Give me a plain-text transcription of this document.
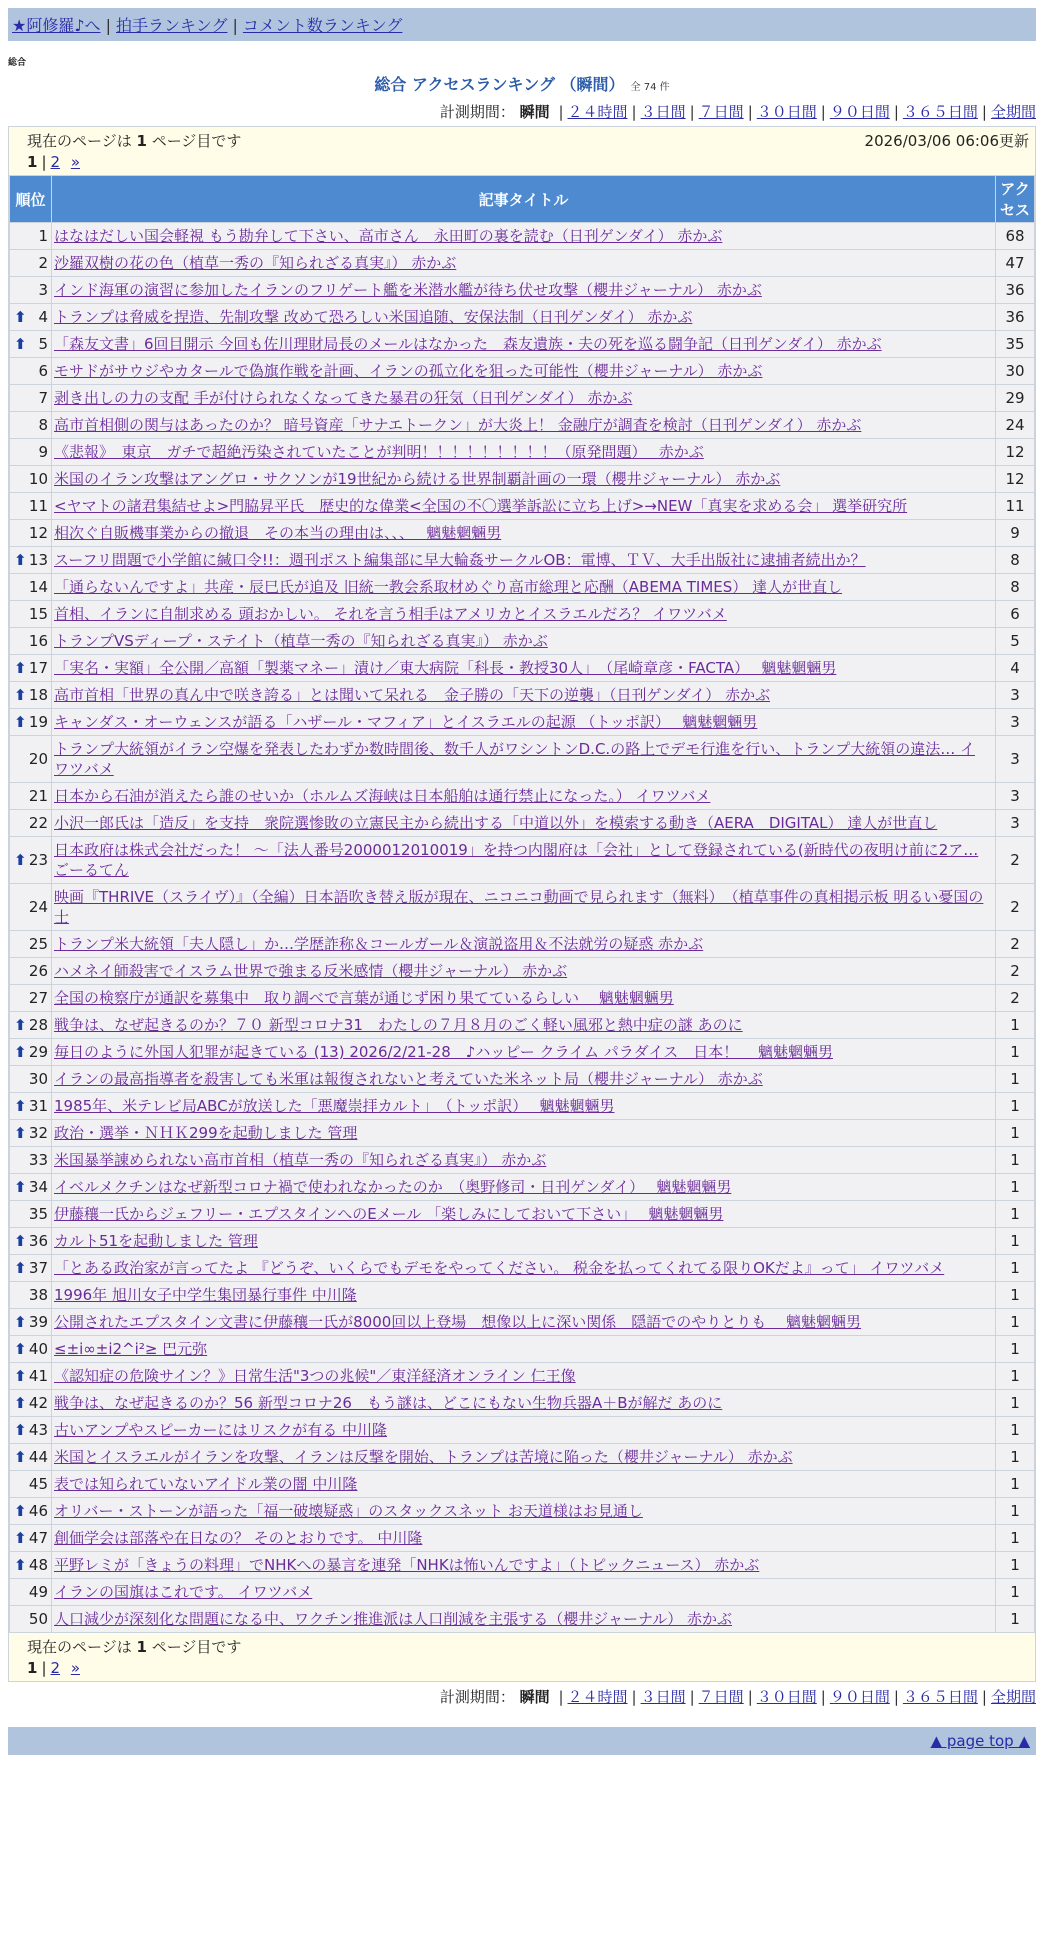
★阿修羅♪へ | 拍手ランキング | コメント数ランキング
総合
総合 アクセスランキング （瞬間） 全 74 件
計測期間： 瞬間 | ２４時間 | ３日間 | ７日間 | ３０日間 | ９０日間 | ３６５日間 | 全期間
現在のページは 1 ページ目です	2026/03/06 06:06更新
1 | 2 »
順位	記事タイトル	アクセス
1	はなはだしい国会軽視 もう勘弁して下さい、高市さん　永田町の裏を読む（日刊ゲンダイ） 赤かぶ	68
2	沙羅双樹の花の色（植草一秀の『知られざる真実』） 赤かぶ	47
3	インド海軍の演習に参加したイランのフリゲート艦を米潜水艦が待ち伏せ攻撃（櫻井ジャーナル） 赤かぶ	36

⬆ 4	トランプは脅威を捏造、先制攻撃 改めて恐ろしい米国追随、安保法制（日刊ゲンダイ） 赤かぶ	36

⬆ 5	「森友文書」6回目開示 今回も佐川理財局長のメールはなかった　森友遺族・夫の死を巡る闘争記（日刊ゲンダイ） 赤かぶ	35
6	モサドがサウジやカタールで偽旗作戦を計画、イランの孤立化を狙った可能性（櫻井ジャーナル） 赤かぶ	30
7	剥き出しの力の支配 手が付けられなくなってきた暴君の狂気（日刊ゲンダイ） 赤かぶ	29
8	高市首相側の関与はあったのか？ 暗号資産「サナエトークン」が大炎上！ 金融庁が調査を検討（日刊ゲンダイ） 赤かぶ	24
9	《悲報》　東京　ガチで超絶汚染されていたことが判明！！！！！！！！！（原発問題）　 赤かぶ	12
10	米国のイラン攻撃はアングロ・サクソンが19世紀から続ける世界制覇計画の一環（櫻井ジャーナル） 赤かぶ	12
11	<ヤマトの諸君集結せよ>門脇昇平氏　歴史的な偉業<全国の不〇選挙訴訟に立ち上げ>→NEW「真実を求める会」 選挙研究所	11
12	相次ぐ自販機事業からの撤退　その本当の理由は、、、　 魑魅魍魎男	9

⬆ 13	スーフリ問題で小学館に緘口令!!：週刊ポスト編集部に早大輪姦サークルOB：電博、ＴＶ、大手出版社に逮捕者続出か？	8
14	「通らないんですよ」共産・辰巳氏が追及 旧統一教会系取材めぐり高市総理と応酬（ABEMA TIMES） 達人が世直し	8
15	首相、イランに自制求める 頭おかしい。 それを言う相手はアメリカとイスラエルだろ？ イワツバメ	6
16	トランプVSディープ・ステイト（植草一秀の『知られざる真実』） 赤かぶ	5

⬆ 17	「実名・実額」全公開／高額「製薬マネー」漬け／東大病院「科長・教授30人」　（尾崎章彦・FACTA）　 魑魅魍魎男	4

⬆ 18	高市首相「世界の真ん中で咲き誇る」とは聞いて呆れる　金子勝の「天下の逆襲」（日刊ゲンダイ） 赤かぶ	3

⬆ 19	キャンダス・オーウェンスが語る「ハザール・マフィア」とイスラエルの起源 （トッポ訳）　 魑魅魍魎男	3
20	トランプ大統領がイラン空爆を発表したわずか数時間後、数千人がワシントンD.C.の路上でデモ行進を行い、トランプ大統領の違法… イワツバメ	3
21	日本から石油が消えたら誰のせいか（ホルムズ海峡は日本船舶は通行禁止になった。） イワツバメ	3
22	小沢一郎氏は「造反」を支持　衆院選惨敗の立憲民主から続出する「中道以外」を模索する動き（AERA　DIGITAL） 達人が世直し	3

⬆ 23	日本政府は株式会社だった！ ～「法人番号2000012010019」を持つ内閣府は「会社」として登録されている(新時代の夜明け前に2ア… ごーるてん	2
24	映画『THRIVE（スライヴ）』（全編）日本語吹き替え版が現在、ニコニコ動画で見られます（無料）　（植草事件の真相掲示板 明るい憂国の士	2
25	トランプ米大統領「夫人隠し」か…学歴詐称＆コールガール＆演説盗用＆不法就労の疑惑 赤かぶ	2
26	ハメネイ師殺害でイスラム世界で強まる反米感情（櫻井ジャーナル） 赤かぶ	2
27	全国の検察庁が通訳を募集中　取り調べで言葉が通じず困り果てているらしい　 魑魅魍魎男	2

⬆ 28	戦争は、なぜ起きるのか？７０ 新型コロナ31　わたしの７月８月のごく軽い風邪と熱中症の謎 あのに	1

⬆ 29	毎日のように外国人犯罪が起きている (13) 2026/2/21-28　♪ハッピー クライム パラダイス　日本！　 魑魅魍魎男	1
30	イランの最高指導者を殺害しても米軍は報復されないと考えていた米ネット局（櫻井ジャーナル） 赤かぶ	1

⬆ 31	1985年、米テレビ局ABCが放送した「悪魔崇拝カルト」　（トッポ訳）　 魑魅魍魎男	1

⬆ 32	政治・選挙・ＮＨＫ299を起動しました 管理	1
33	米国暴挙諌められない高市首相（植草一秀の『知られざる真実』） 赤かぶ	1

⬆ 34	イベルメクチンはなぜ新型コロナ禍で使われなかったのか　（奥野修司・日刊ゲンダイ）　 魑魅魍魎男	1
35	伊藤穰一氏からジェフリー・エプスタインへのEメール 「楽しみにしておいて下さい」　 魑魅魍魎男	1

⬆ 36	カルト51を起動しました 管理	1

⬆ 37	「とある政治家が言ってたよ 『どうぞ、いくらでもデモをやってください。 税金を払ってくれてる限りOKだよ』って」 イワツバメ	1
38	1996年 旭川女子中学生集団暴行事件 中川隆	1

⬆ 39	公開されたエプスタイン文書に伊藤穰一氏が8000回以上登場　想像以上に深い関係　隠語でのやりとりも　 魑魅魍魎男	1

⬆ 40	≤±i∞±i2^i²≥ 巴元弥	1

⬆ 41	《認知症の危険サイン？》日常生活"3つの兆候"／東洋経済オンライン 仁王像	1

⬆ 42	戦争は、なぜ起きるのか？56 新型コロナ26　もう謎は、どこにもない生物兵器A＋Bが解だ あのに	1

⬆ 43	古いアンプやスピーカーにはリスクが有る 中川隆	1

⬆ 44	米国とイスラエルがイランを攻撃、イランは反撃を開始、トランプは苦境に陥った（櫻井ジャーナル） 赤かぶ	1
45	表では知られていないアイドル業の闇 中川隆	1

⬆ 46	オリバー・ストーンが語った「福一破壊疑惑」のスタックスネット お天道様はお見通し	1

⬆ 47	創価学会は部落や在日なの？ そのとおりです。 中川隆	1

⬆ 48	平野レミが「きょうの料理」でNHKへの暴言を連発「NHKは怖いんですよ」（トピックニュース） 赤かぶ	1
49	イランの国旗はこれです。 イワツバメ	1
50	人口減少が深刻化な問題になる中、ワクチン推進派は人口削減を主張する（櫻井ジャーナル） 赤かぶ	1
現在のページは 1 ページ目です
1 | 2 »
計測期間： 瞬間 | ２４時間 | ３日間 | ７日間 | ３０日間 | ９０日間 | ３６５日間 | 全期間
▲ page top ▲
